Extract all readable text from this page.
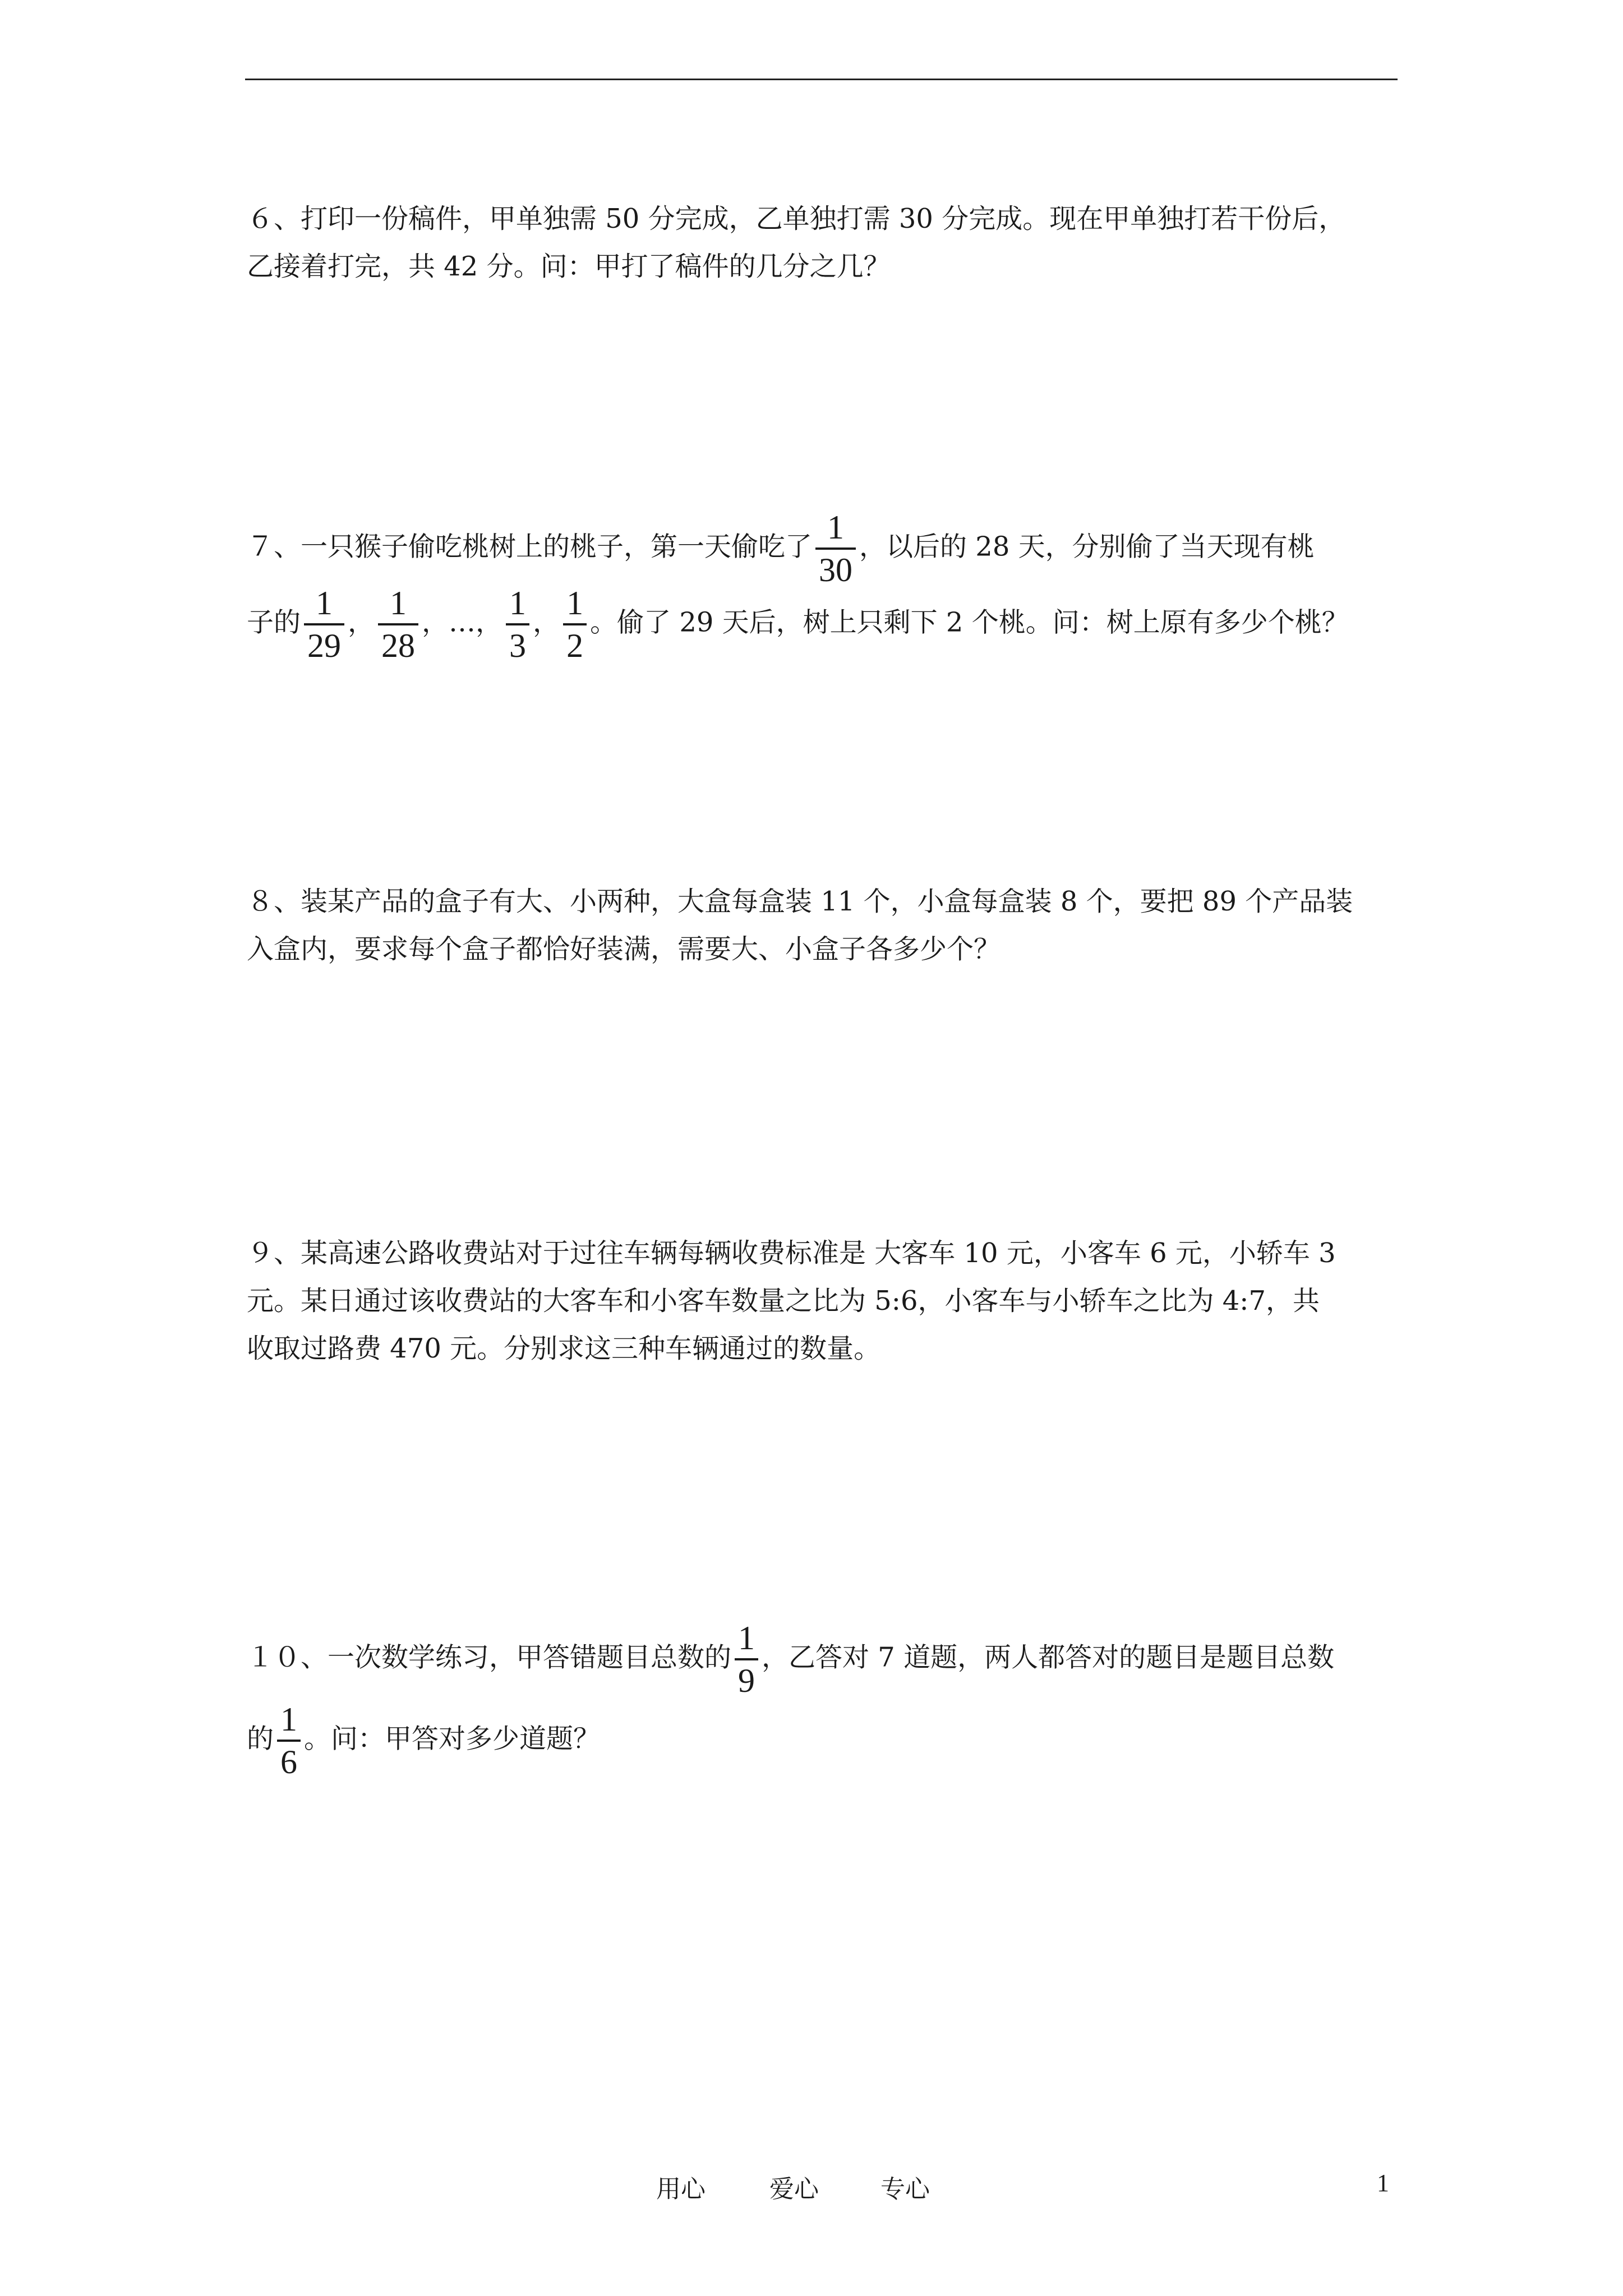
６、打印一份稿件，甲单独需 50 分完成，乙单独打需 30 分完成。现在甲单独打若干份后，
乙接着打完，共 42 分。问：甲打了稿件的几分之几？
７、一只猴子偷吃桃树上的桃子，第一天偷吃了 $\frac{1}{30}$ ，以后的 28 天，分别偷了当天现有桃
子的 $\frac{1}{29}$ ， $\frac{1}{28}$ ，…， $\frac{1}{3}$ ， $\frac{1}{2}$ 。偷了 29 天后，树上只剩下 2 个桃。问：树上原有多少个桃？
８、装某产品的盒子有大、小两种，大盒每盒装 11 个，小盒每盒装 8 个，要把 89 个产品装
入盒内，要求每个盒子都恰好装满，需要大、小盒子各多少个？
９、某高速公路收费站对于过往车辆每辆收费标准是 大客车 10 元，小客车 6 元，小轿车 3
元。某日通过该收费站的大客车和小客车数量之比为 5:6，小客车与小轿车之比为 4:7，共
收取过路费 470 元。分别求这三种车辆通过的数量。
１０、一次数学练习，甲答错题目总数的 $\frac{1}{9}$ ，乙答对 7 道题，两人都答对的题目是题目总数
的 $\frac{1}{6}$ 。问：甲答对多少道题？
用心	爱心	专心	1
